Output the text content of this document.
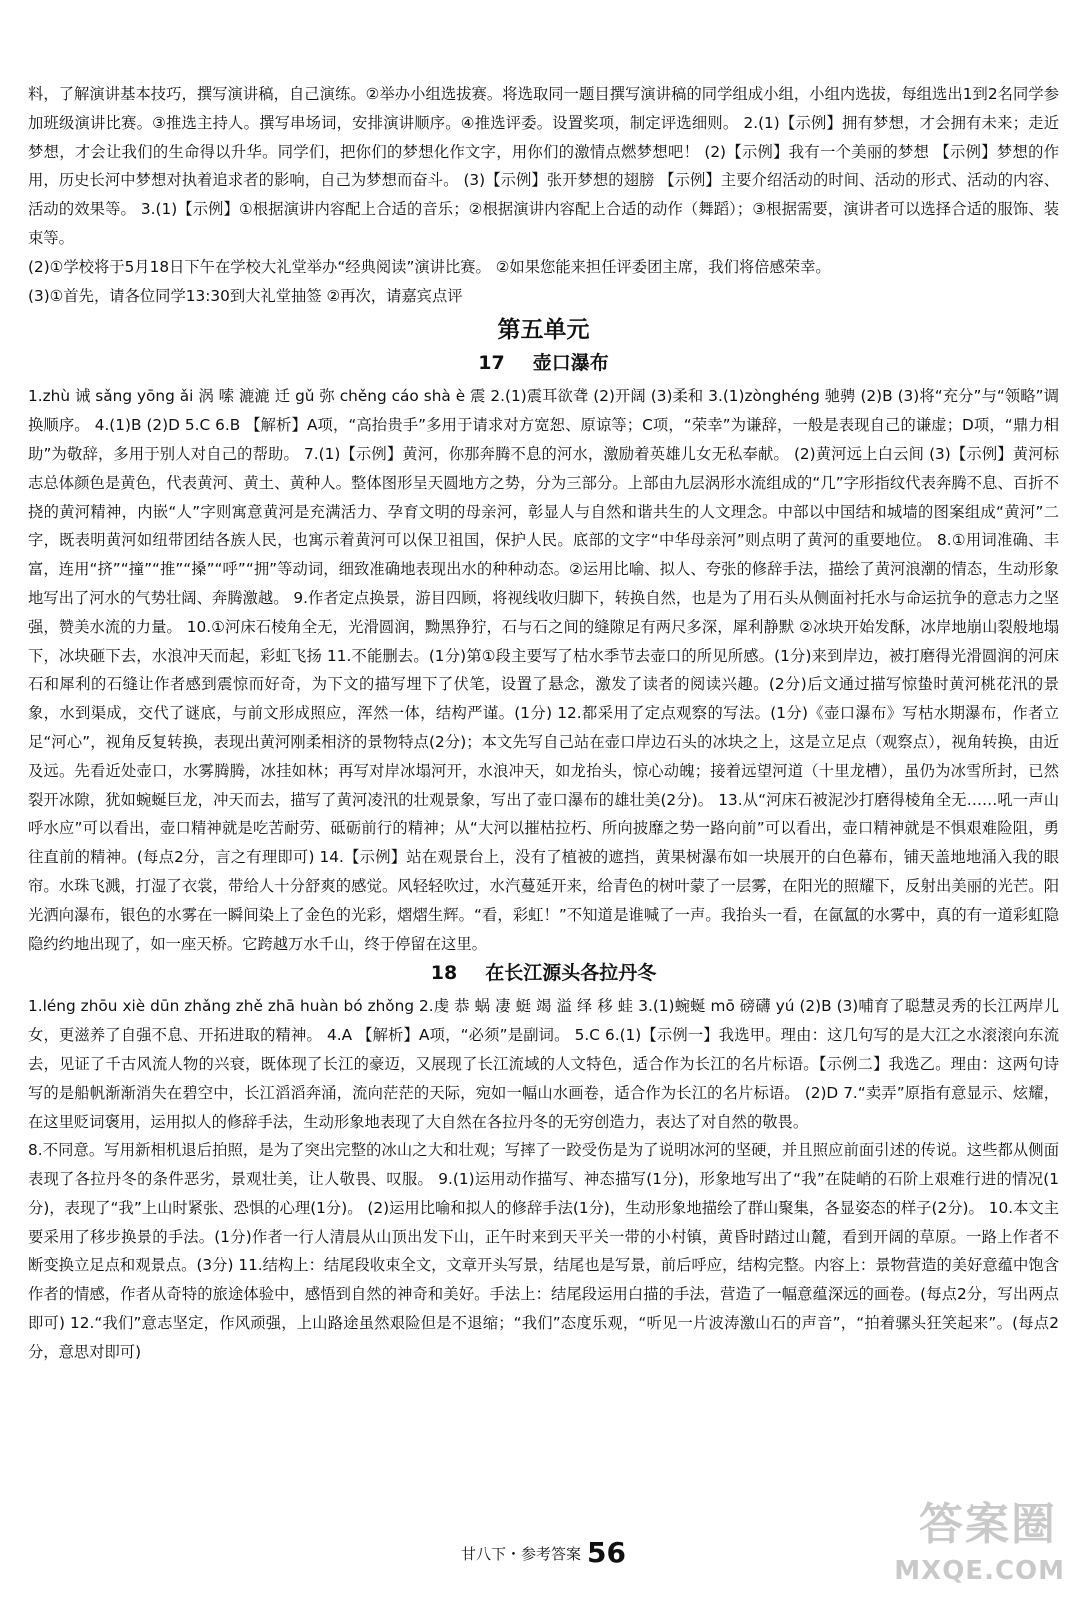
料，了解演讲基本技巧，撰写演讲稿，自己演练。②举办小组选拔赛。将选取同一题目撰写演讲稿的同学组成小组，小组内选拔，每组选出1到2名同学参加班级演讲比赛。③推选主持人。撰写串场词，安排演讲顺序。④推选评委。设置奖项，制定评选细则。 2.(1)【示例】拥有梦想，才会拥有未来；走近梦想，才会让我们的生命得以升华。同学们，把你们的梦想化作文字，用你们的激情点燃梦想吧！ (2)【示例】我有一个美丽的梦想 【示例】梦想的作用，历史长河中梦想对执着追求者的影响，自己为梦想而奋斗。 (3)【示例】张开梦想的翅膀 【示例】主要介绍活动的时间、活动的形式、活动的内容、活动的效果等。 3.(1)【示例】①根据演讲内容配上合适的音乐；②根据演讲内容配上合适的动作（舞蹈）；③根据需要，演讲者可以选择合适的服饰、装束等。

(2)①学校将于5月18日下午在学校大礼堂举办“经典阅读”演讲比赛。 ②如果您能来担任评委团主席，我们将倍感荣幸。

(3)①首先，请各位同学13:30到大礼堂抽签 ②再次，请嘉宾点评

第五单元
17 壶口瀑布

1.zhù 诫 sǎng yōng ǎi 涡 嗦 漉漉 迁 gǔ 弥 chěng cáo shà è 震 2.(1)震耳欲聋 (2)开阔 (3)柔和 3.(1)zònghéng 驰骋 (2)B (3)将“充分”与“领略”调换顺序。 4.(1)B (2)D 5.C 6.B 【解析】A项，“高抬贵手”多用于请求对方宽恕、原谅等；C项，“荣幸”为谦辞，一般是表现自己的谦虚；D项，“鼎力相助”为敬辞，多用于别人对自己的帮助。 7.(1)【示例】黄河，你那奔腾不息的河水，激励着英雄儿女无私奉献。 (2)黄河远上白云间 (3)【示例】黄河标志总体颜色是黄色，代表黄河、黄土、黄种人。整体图形呈天圆地方之势，分为三部分。上部由九层涡形水流组成的“几”字形指纹代表奔腾不息、百折不挠的黄河精神，内嵌“人”字则寓意黄河是充满活力、孕育文明的母亲河，彰显人与自然和谐共生的人文理念。中部以中国结和城墙的图案组成“黄河”二字，既表明黄河如纽带团结各族人民，也寓示着黄河可以保卫祖国，保护人民。底部的文字“中华母亲河”则点明了黄河的重要地位。 8.①用词准确、丰富，连用“挤”“撞”“推”“搡”“呼”“拥”等动词，细致准确地表现出水的种种动态。②运用比喻、拟人、夸张的修辞手法，描绘了黄河浪潮的情态，生动形象地写出了河水的气势壮阔、奔腾激越。 9.作者定点换景，游目四顾，将视线收归脚下，转换自然，也是为了用石头从侧面衬托水与命运抗争的意志力之坚强，赞美水流的力量。 10.①河床石棱角全无，光滑圆润，黝黑狰狞，石与石之间的缝隙足有两尺多深，犀利静默 ②冰块开始发酥，冰岸地崩山裂般地塌下，冰块砸下去，水浪冲天而起，彩虹飞扬 11.不能删去。(1分)第①段主要写了枯水季节去壶口的所见所感。(1分)来到岸边，被打磨得光滑圆润的河床石和犀利的石缝让作者感到震惊而好奇，为下文的描写埋下了伏笔，设置了悬念，激发了读者的阅读兴趣。(2分)后文通过描写惊蛰时黄河桃花汛的景象，水到渠成，交代了谜底，与前文形成照应，浑然一体，结构严谨。(1分) 12.都采用了定点观察的写法。(1分)《壶口瀑布》写枯水期瀑布，作者立足“河心”，视角反复转换，表现出黄河刚柔相济的景物特点(2分)；本文先写自己站在壶口岸边石头的冰块之上，这是立足点（观察点），视角转换，由近及远。先看近处壶口，水雾腾腾，冰挂如林；再写对岸冰塌河开，水浪冲天，如龙抬头，惊心动魄；接着远望河道（十里龙槽），虽仍为冰雪所封，已然裂开冰隙，犹如蜿蜒巨龙，冲天而去，描写了黄河凌汛的壮观景象，写出了壶口瀑布的雄壮美(2分)。 13.从“河床石被泥沙打磨得棱角全无……吼一声山呼水应”可以看出，壶口精神就是吃苦耐劳、砥砺前行的精神；从“大河以摧枯拉朽、所向披靡之势一路向前”可以看出，壶口精神就是不惧艰难险阻，勇往直前的精神。(每点2分，言之有理即可) 14.【示例】站在观景台上，没有了植被的遮挡，黄果树瀑布如一块展开的白色幕布，铺天盖地地涌入我的眼帘。水珠飞溅，打湿了衣裳，带给人十分舒爽的感觉。风轻轻吹过，水汽蔓延开来，给青色的树叶蒙了一层雾，在阳光的照耀下，反射出美丽的光芒。阳光洒向瀑布，银色的水雾在一瞬间染上了金色的光彩，熠熠生辉。“看，彩虹！”不知道是谁喊了一声。我抬头一看，在氤氲的水雾中，真的有一道彩虹隐隐约约地出现了，如一座天桥。它跨越万水千山，终于停留在这里。

18 在长江源头各拉丹冬

1.léng zhōu xiè dūn zhǎng zhě zhā huàn bó zhǒng 2.虔 恭 蜗 凄 蜓 竭 溢 绎 移 蛙 3.(1)蜿蜒 mō 磅礴 yú (2)B (3)哺育了聪慧灵秀的长江两岸儿女，更滋养了自强不息、开拓进取的精神。 4.A 【解析】A项，“必须”是副词。 5.C 6.(1)【示例一】我选甲。理由：这几句写的是大江之水滚滚向东流去，见证了千古风流人物的兴衰，既体现了长江的豪迈，又展现了长江流域的人文特色，适合作为长江的名片标语。【示例二】我选乙。理由：这两句诗写的是船帆渐渐消失在碧空中，长江滔滔奔涌，流向茫茫的天际，宛如一幅山水画卷，适合作为长江的名片标语。 (2)D 7.“卖弄”原指有意显示、炫耀，在这里贬词褒用，运用拟人的修辞手法，生动形象地表现了大自然在各拉丹冬的无穷创造力，表达了对自然的敬畏。

8.不同意。写用新相机退后拍照，是为了突出完整的冰山之大和壮观；写摔了一跤受伤是为了说明冰河的坚硬，并且照应前面引述的传说。这些都从侧面表现了各拉丹冬的条件恶劣，景观壮美，让人敬畏、叹服。 9.(1)运用动作描写、神态描写(1分)，形象地写出了“我”在陡峭的石阶上艰难行进的情况(1分)，表现了“我”上山时紧张、恐惧的心理(1分)。 (2)运用比喻和拟人的修辞手法(1分)，生动形象地描绘了群山聚集，各显姿态的样子(2分)。 10.本文主要采用了移步换景的手法。(1分)作者一行人清晨从山顶出发下山，正午时来到天平关一带的小村镇，黄昏时踏过山麓，看到开阔的草原。一路上作者不断变换立足点和观景点。(3分) 11.结构上：结尾段收束全文，文章开头写景，结尾也是写景，前后呼应，结构完整。内容上：景物营造的美好意蕴中饱含作者的情感，作者从奇特的旅途体验中，感悟到自然的神奇和美好。手法上：结尾段运用白描的手法，营造了一幅意蕴深远的画卷。(每点2分，写出两点即可) 12.“我们”意志坚定，作风顽强，上山路途虽然艰险但是不退缩；“我们”态度乐观，“听见一片波涛激山石的声音”，“拍着骡头狂笑起来”。(每点2分，意思对即可)

甘八下・参考答案 56
答案圈
MXQE.COM
